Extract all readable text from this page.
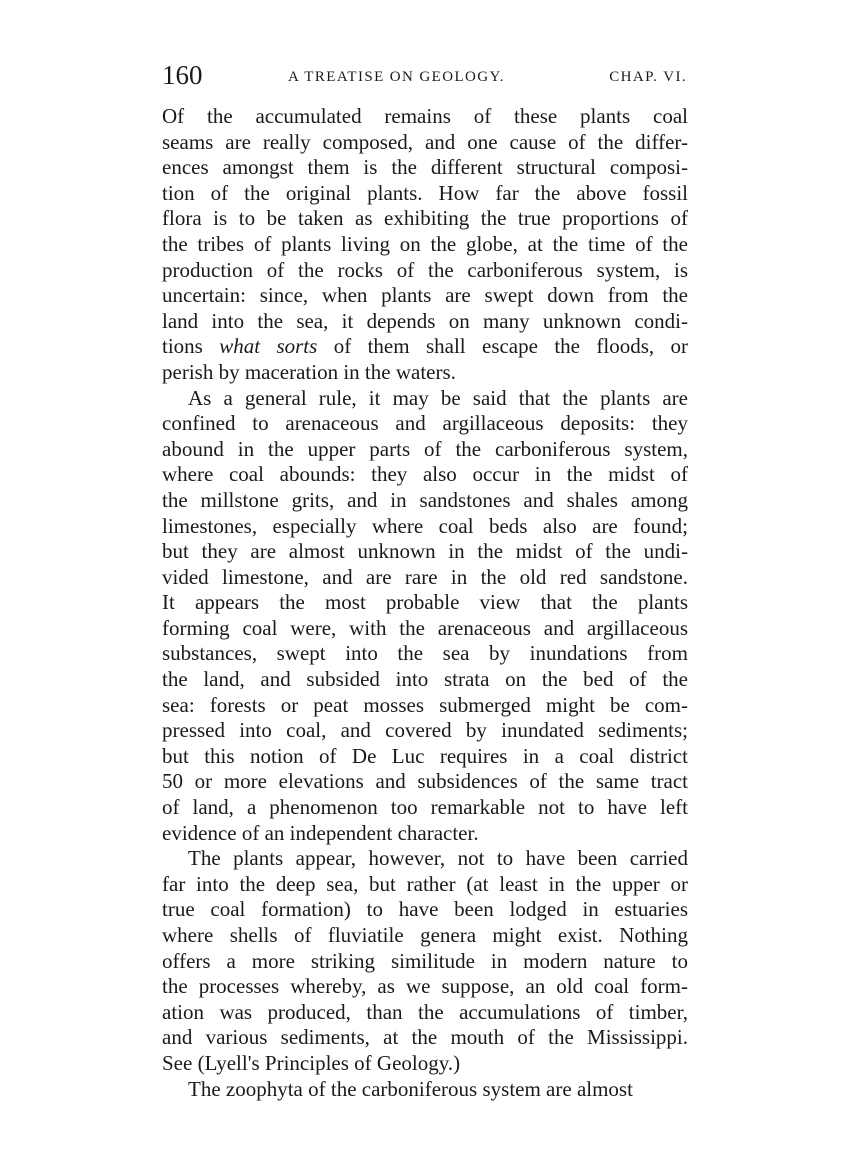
160	A TREATISE ON GEOLOGY.	CHAP. VI.
Of the accumulated remains of these plants coal
seams are really composed, and one cause of the differ-
ences amongst them is the different structural composi-
tion of the original plants. How far the above fossil
flora is to be taken as exhibiting the true proportions of
the tribes of plants living on the globe, at the time of the
production of the rocks of the carboniferous system, is
uncertain: since, when plants are swept down from the
land into the sea, it depends on many unknown condi-
tions what sorts of them shall escape the floods, or
perish by maceration in the waters.
As a general rule, it may be said that the plants are
confined to arenaceous and argillaceous deposits: they
abound in the upper parts of the carboniferous system,
where coal abounds: they also occur in the midst of
the millstone grits, and in sandstones and shales among
limestones, especially where coal beds also are found;
but they are almost unknown in the midst of the undi-
vided limestone, and are rare in the old red sandstone.
It appears the most probable view that the plants
forming coal were, with the arenaceous and argillaceous
substances, swept into the sea by inundations from
the land, and subsided into strata on the bed of the
sea: forests or peat mosses submerged might be com-
pressed into coal, and covered by inundated sediments;
but this notion of De Luc requires in a coal district
50 or more elevations and subsidences of the same tract
of land, a phenomenon too remarkable not to have left
evidence of an independent character.
The plants appear, however, not to have been carried
far into the deep sea, but rather (at least in the upper or
true coal formation) to have been lodged in estuaries
where shells of fluviatile genera might exist. Nothing
offers a more striking similitude in modern nature to
the processes whereby, as we suppose, an old coal form-
ation was produced, than the accumulations of timber,
and various sediments, at the mouth of the Mississippi.
See (Lyell's Principles of Geology.)
The zoophyta of the carboniferous system are almost
